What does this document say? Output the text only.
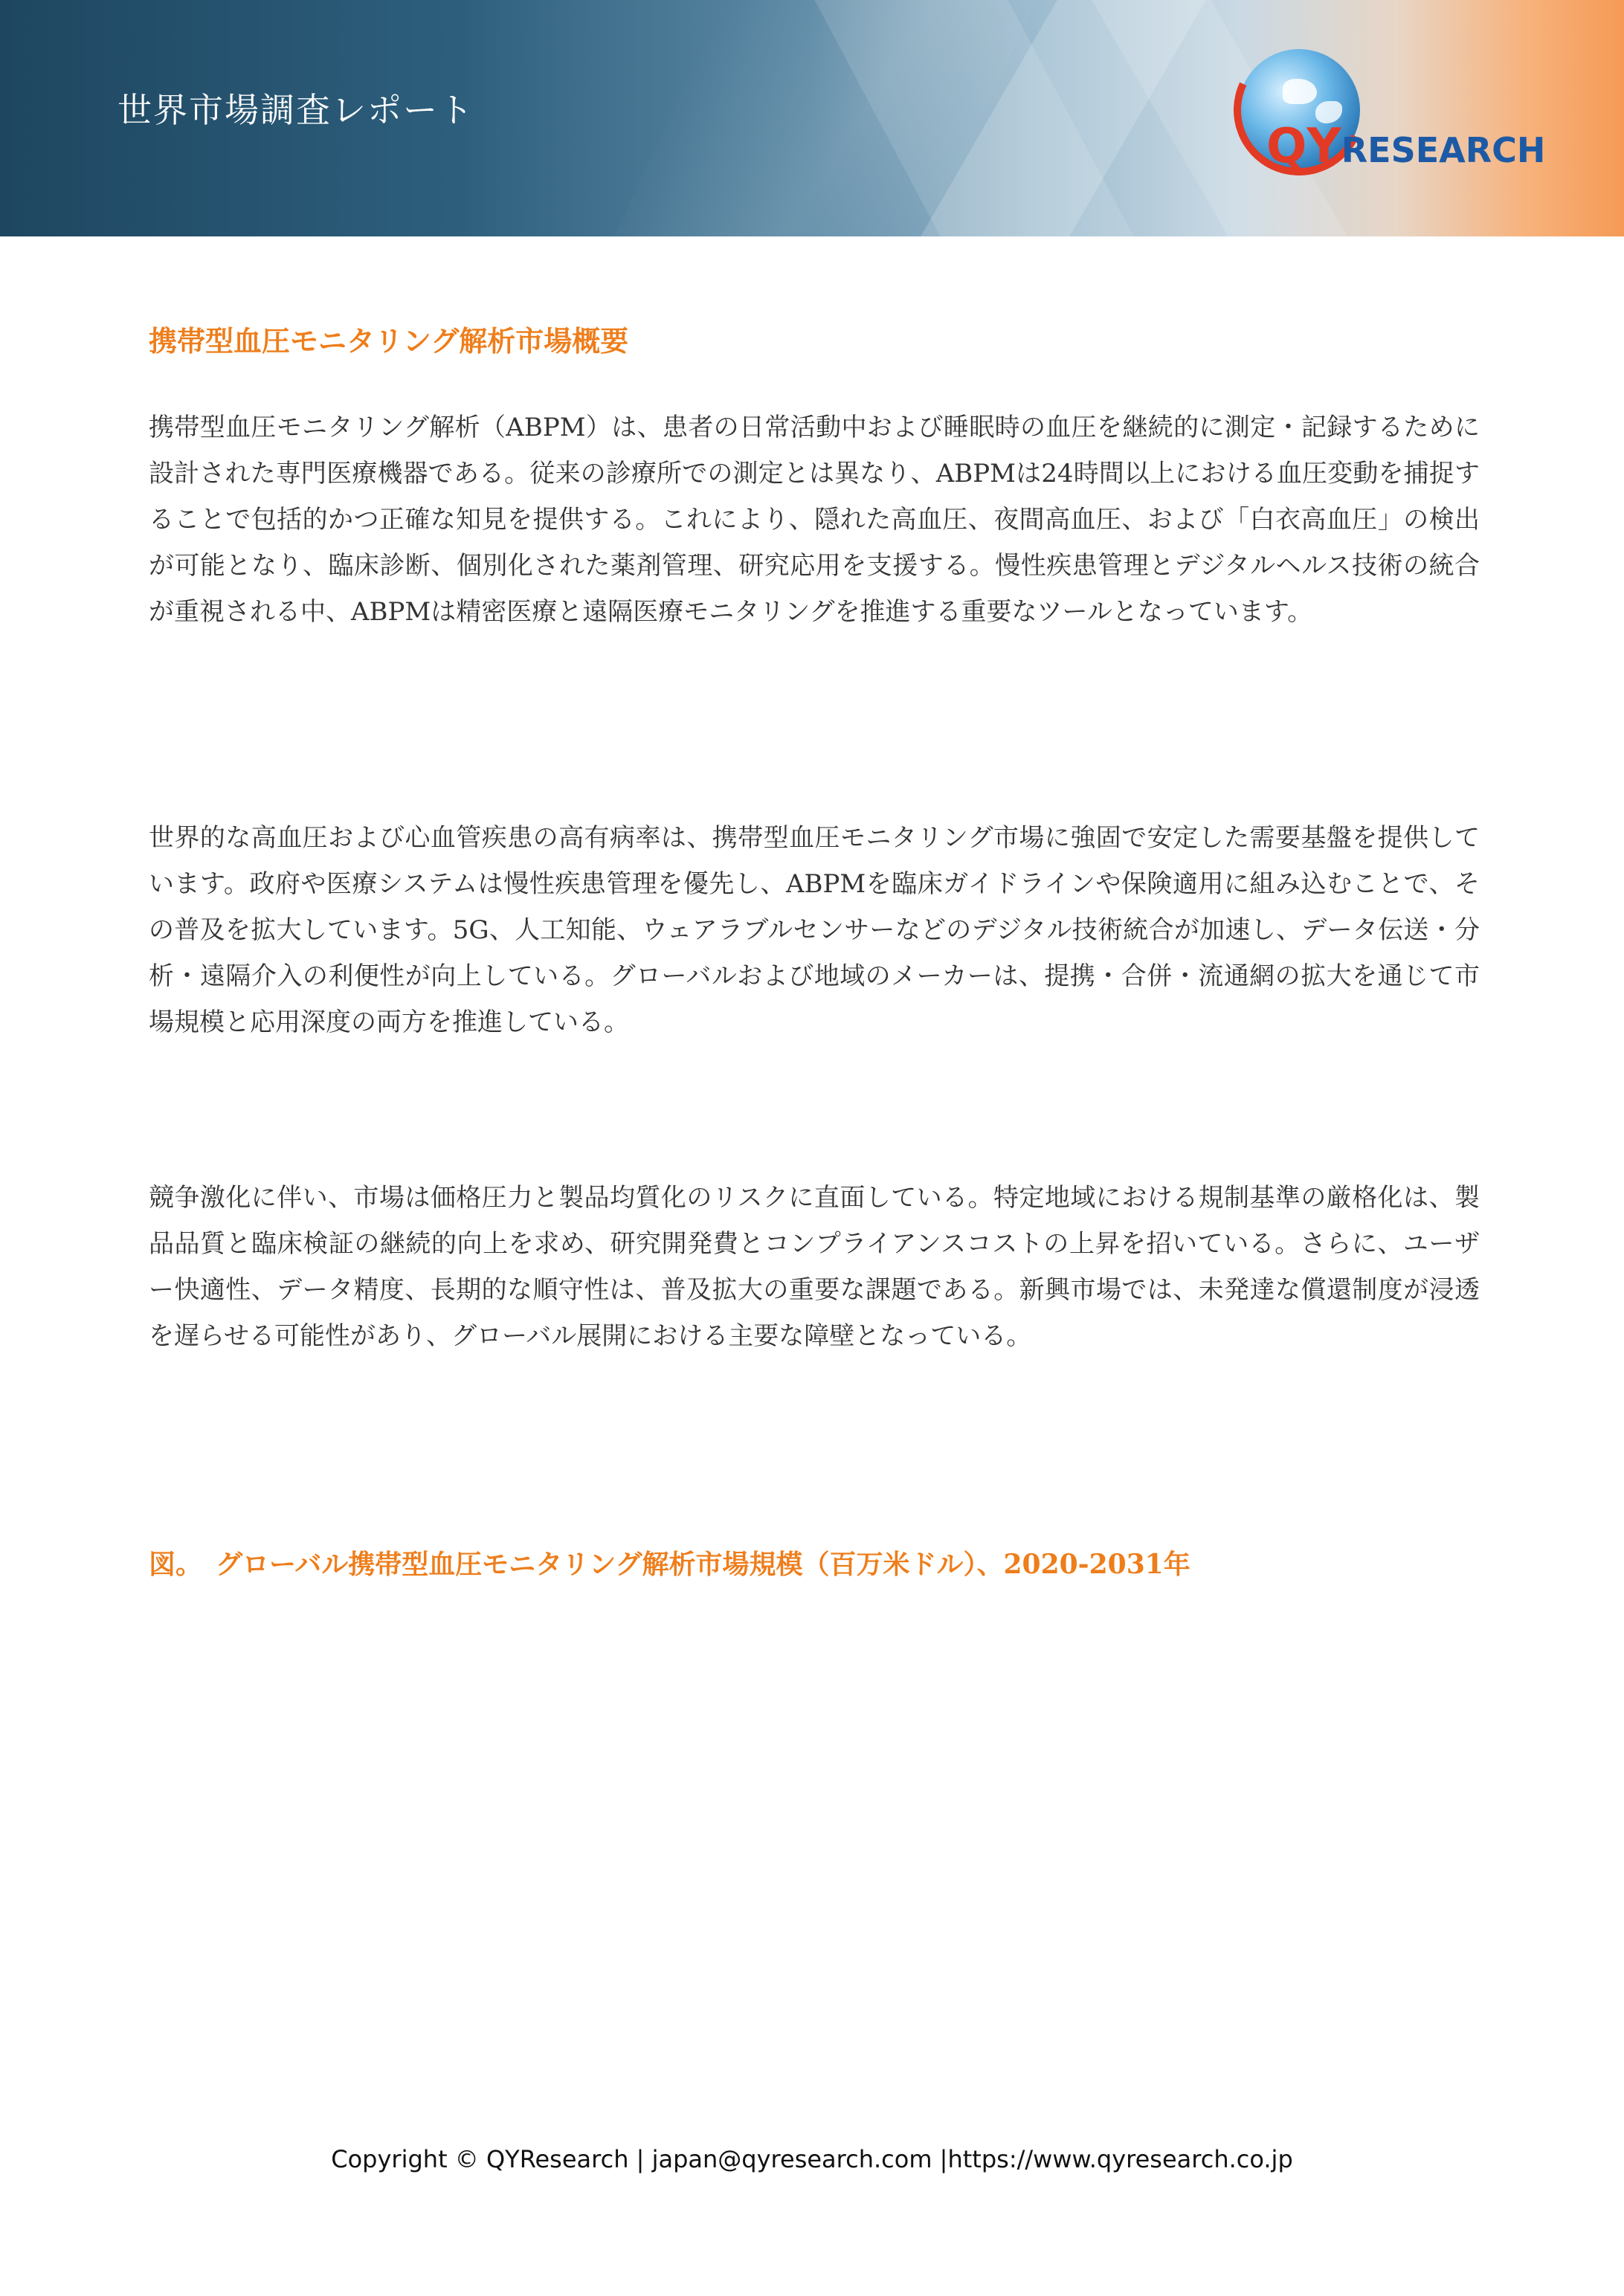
世界市場調査レポート
QYRESEARCH
携帯型血圧モニタリング解析市場概要

携帯型血圧モニタリング解析（ABPM）は、患者の日常活動中および睡眠時の血圧を継続的に測定・記録するために設計された専門医療機器である。従来の診療所での測定とは異なり、ABPMは24時間以上における血圧変動を捕捉することで包括的かつ正確な知見を提供する。これにより、隠れた高血圧、夜間高血圧、および「白衣高血圧」の検出が可能となり、臨床診断、個別化された薬剤管理、研究応用を支援する。慢性疾患管理とデジタルヘルス技術の統合が重視される中、ABPMは精密医療と遠隔医療モニタリングを推進する重要なツールとなっています。

世界的な高血圧および心血管疾患の高有病率は、携帯型血圧モニタリング市場に強固で安定した需要基盤を提供しています。政府や医療システムは慢性疾患管理を優先し、ABPMを臨床ガイドラインや保険適用に組み込むことで、その普及を拡大しています。5G、人工知能、ウェアラブルセンサーなどのデジタル技術統合が加速し、データ伝送・分析・遠隔介入の利便性が向上している。グローバルおよび地域のメーカーは、提携・合併・流通網の拡大を通じて市場規模と応用深度の両方を推進している。

競争激化に伴い、市場は価格圧力と製品均質化のリスクに直面している。特定地域における規制基準の厳格化は、製品品質と臨床検証の継続的向上を求め、研究開発費とコンプライアンスコストの上昇を招いている。さらに、ユーザー快適性、データ精度、長期的な順守性は、普及拡大の重要な課題である。新興市場では、未発達な償還制度が浸透を遅らせる可能性があり、グローバル展開における主要な障壁となっている。

図。　グローバル携帯型血圧モニタリング解析市場規模（百万米ドル）、2020-2031年
Copyright © QYResearch | japan@qyresearch.com |https://www.qyresearch.co.jp
